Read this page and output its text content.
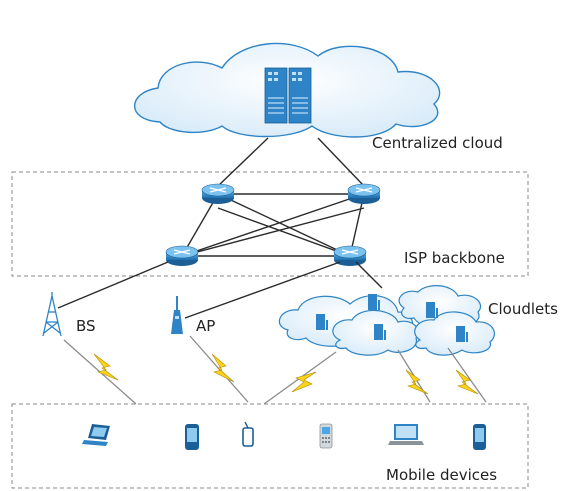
Centralized cloud
ISP backbone
BS	AP
Cloudlets
Mobile devices
